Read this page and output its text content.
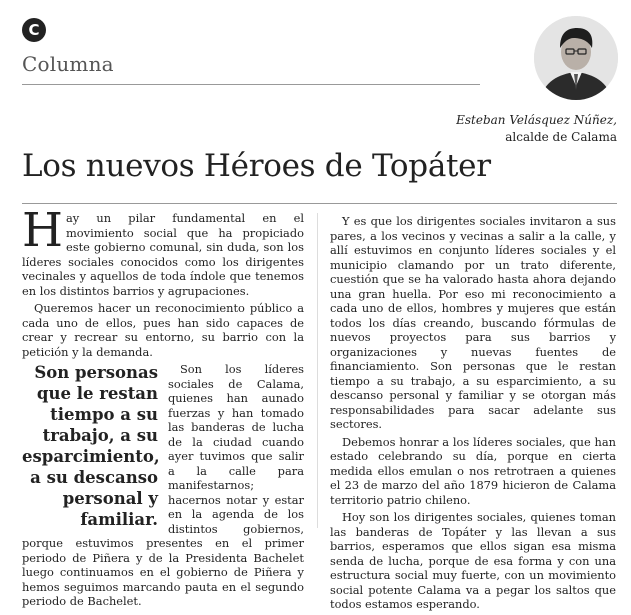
C
Columna
Esteban Velásquez Núñez,
alcalde de Calama
Los nuevos Héroes de Topáter

Hay un pilar fundamental en el movimiento social que ha propiciado este gobierno comunal, sin duda, son los líderes sociales conocidos como los dirigentes vecinales y aquellos de toda índole que tenemos en los distintos barrios y agrupaciones.

Queremos hacer un reconocimiento público a cada uno de ellos, pues han sido capaces de crear y recrear su entorno, su barrio con la petición y la demanda.

Son personas que le restan tiempo a su trabajo, a su esparcimiento, a su descanso personal y familiar.

Son los líderes sociales de Calama, quienes han aunado fuerzas y han tomado las banderas de lucha de la ciudad cuando ayer tuvimos que salir a la calle para manifestarnos; hacernos notar y estar en la agenda de los distintos gobiernos, porque estuvimos presentes en el primer periodo de Piñera y de la Presidenta Bachelet luego continuamos en el gobierno de Piñera y hemos seguimos marcando pauta en el segundo periodo de Bachelet.

Y es que los dirigentes sociales invitaron a sus pares, a los vecinos y vecinas a salir a la calle, y allí estuvimos en conjunto líderes sociales y el municipio clamando por un trato diferente, cuestión que se ha valorado hasta ahora dejando una gran huella. Por eso mi reconocimiento a cada uno de ellos, hombres y mujeres que están todos los días creando, buscando fórmulas de nuevos proyectos para sus barrios y organizaciones y nuevas fuentes de financiamiento. Son personas que le restan tiempo a su trabajo, a su esparcimiento, a su descanso personal y familiar y se otorgan más responsabilidades para sacar adelante sus sectores.

Debemos honrar a los líderes sociales, que han estado celebrando su día, porque en cierta medida ellos emulan o nos retrotraen a quienes el 23 de marzo del año 1879 hicieron de Calama territorio patrio chileno.

Hoy son los dirigentes sociales, quienes toman las banderas de Topáter y las llevan a sus barrios, esperamos que ellos sigan esa misma senda de lucha, porque de esa forma y con una estructura social muy fuerte, con un movimiento social potente Calama va a pegar los saltos que todos estamos esperando.
